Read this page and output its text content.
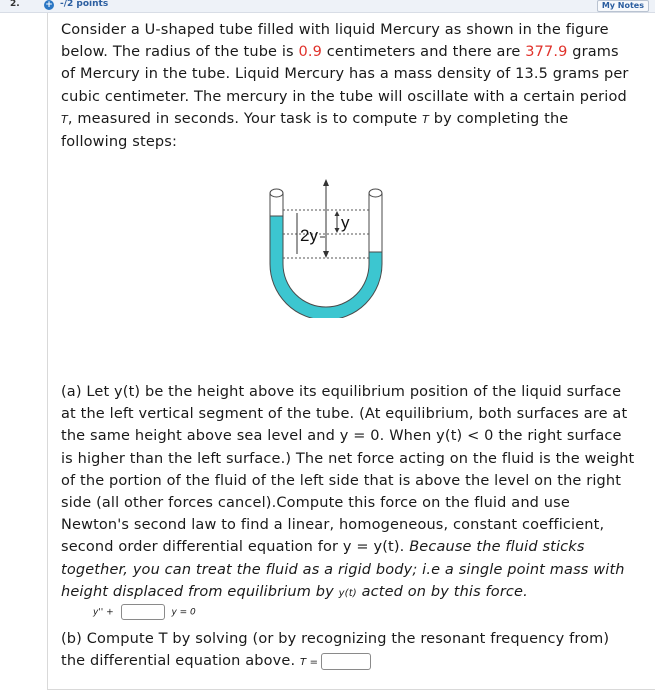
2.	+ -/2 points	My Notes

Consider a U-shaped tube filled with liquid Mercury as shown in the figure
below. The radius of the tube is 0.9 centimeters and there are 377.9 grams
of Mercury in the tube. Liquid Mercury has a mass density of 13.5 grams per
cubic centimeter. The mercury in the tube will oscillate with a certain period
T, measured in seconds. Your task is to compute T by completing the
following steps:

2y
y

(a) Let y(t) be the height above its equilibrium position of the liquid surface
at the left vertical segment of the tube. (At equilibrium, both surfaces are at
the same height above sea level and y = 0. When y(t) < 0 the right surface
is higher than the left surface.) The net force acting on the fluid is the weight
of the portion of the fluid of the left side that is above the level on the right
side (all other forces cancel).Compute this force on the fluid and use
Newton's second law to find a linear, homogeneous, constant coefficient,
second order differential equation for y = y(t). Because the fluid sticks
together, you can treat the fluid as a rigid body; i.e a single point mass with
height displaced from equilibrium by y(t) acted on by this force.

y'' +	y = 0

(b) Compute T by solving (or by recognizing the resonant frequency from)
the differential equation above. T =
